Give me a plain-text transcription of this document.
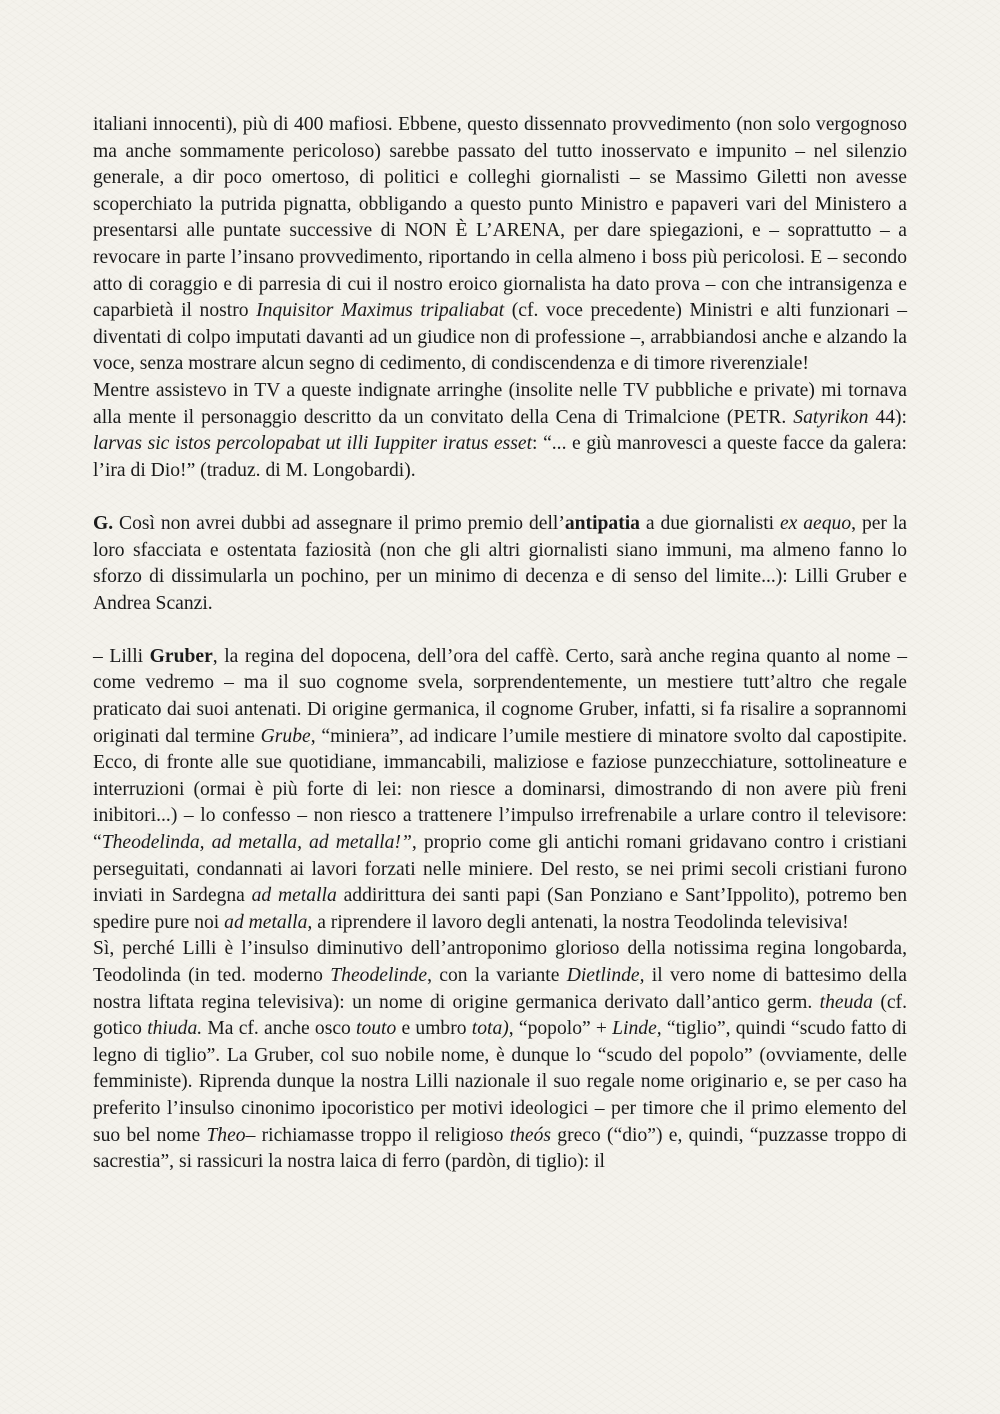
italiani innocenti), più di 400 mafiosi. Ebbene, questo dissennato provvedimento (non solo vergognoso ma anche sommamente pericoloso) sarebbe passato del tutto inosservato e impunito – nel silenzio generale, a dir poco omertoso, di politici e colleghi giornalisti – se Massimo Giletti non avesse scoperchiato la putrida pignatta, obbligando a questo punto Ministro e papaveri vari del Ministero a presentarsi alle puntate successive di NON È L’ARENA, per dare spiegazioni, e – soprattutto – a revocare in parte l’insano provvedimento, riportando in cella almeno i boss più pericolosi. E – secondo atto di coraggio e di parresia di cui il nostro eroico giornalista ha dato prova – con che intransigenza e caparbietà il nostro Inquisitor Maximus tripaliabat (cf. voce precedente) Ministri e alti funzionari – diventati di colpo imputati davanti ad un giudice non di professione –, arrabbiandosi anche e alzando la voce, senza mostrare alcun segno di cedimento, di condiscendenza e di timore riverenziale!

Mentre assistevo in TV a queste indignate arringhe (insolite nelle TV pubbliche e private) mi tornava alla mente il personaggio descritto da un convitato della Cena di Trimalcione (PETR. Satyrikon 44): larvas sic istos percolopabat ut illi Iuppiter iratus esset: “... e giù manrovesci a queste facce da galera: l’ira di Dio!” (traduz. di M. Longobardi).

G. Così non avrei dubbi ad assegnare il primo premio dell’antipatia a due giornalisti ex aequo, per la loro sfacciata e ostentata faziosità (non che gli altri giornalisti siano immuni, ma almeno fanno lo sforzo di dissimularla un pochino, per un minimo di decenza e di senso del limite...): Lilli Gruber e Andrea Scanzi.

– Lilli Gruber, la regina del dopocena, dell’ora del caffè. Certo, sarà anche regina quanto al nome – come vedremo – ma il suo cognome svela, sorprendentemente, un mestiere tutt’altro che regale praticato dai suoi antenati. Di origine germanica, il cognome Gruber, infatti, si fa risalire a soprannomi originati dal termine Grube, “miniera”, ad indicare l’umile mestiere di minatore svolto dal capostipite. Ecco, di fronte alle sue quotidiane, immancabili, maliziose e faziose punzecchiature, sottolineature e interruzioni (ormai è più forte di lei: non riesce a dominarsi, dimostrando di non avere più freni inibitori...) – lo confesso – non riesco a trattenere l’impulso irrefrenabile a urlare contro il televisore: “Theodelinda, ad metalla, ad metalla!”, proprio come gli antichi romani gridavano contro i cristiani perseguitati, condannati ai lavori forzati nelle miniere. Del resto, se nei primi secoli cristiani furono inviati in Sardegna ad metalla addirittura dei santi papi (San Ponziano e Sant’Ippolito), potremo ben spedire pure noi ad metalla, a riprendere il lavoro degli antenati, la nostra Teodolinda televisiva!

Sì, perché Lilli è l’insulso diminutivo dell’antroponimo glorioso della notissima regina longobarda, Teodolinda (in ted. moderno Theodelinde, con la variante Dietlinde, il vero nome di battesimo della nostra liftata regina televisiva): un nome di origine germanica derivato dall’antico germ. theuda (cf. gotico thiuda. Ma cf. anche osco touto e umbro tota), “popolo” + Linde, “tiglio”, quindi “scudo fatto di legno di tiglio”. La Gruber, col suo nobile nome, è dunque lo “scudo del popolo” (ovviamente, delle femministe). Riprenda dunque la nostra Lilli nazionale il suo regale nome originario e, se per caso ha preferito l’insulso cinonimo ipocoristico per motivi ideologici – per timore che il primo elemento del suo bel nome Theo– richiamasse troppo il religioso theós greco (“dio”) e, quindi, “puzzasse troppo di sacrestia”, si rassicuri la nostra laica di ferro (pardòn, di tiglio): il
